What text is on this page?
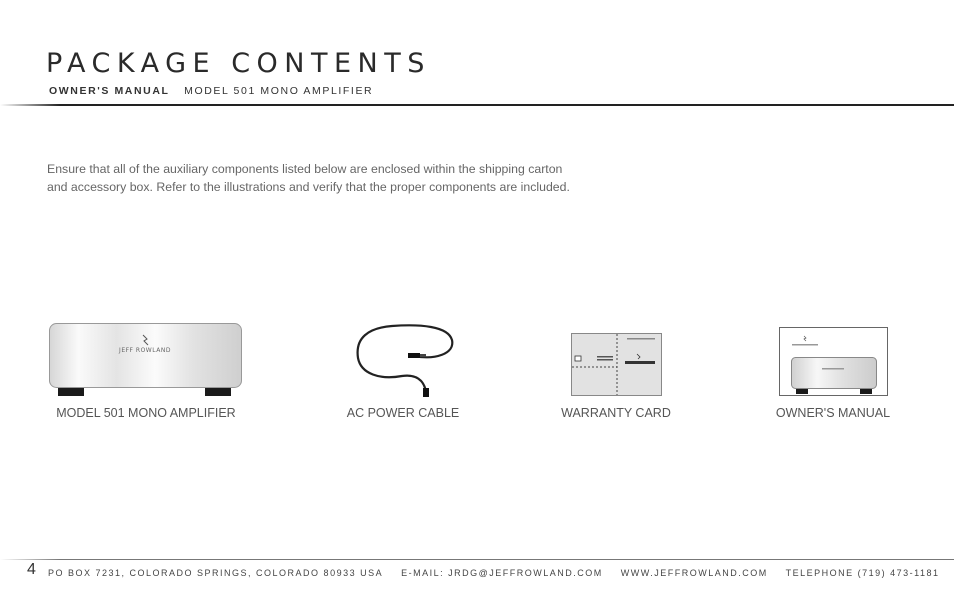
PACKAGE CONTENTS
OWNER'S MANUAL MODEL 501 MONO AMPLIFIER

Ensure that all of the auxiliary components listed below are enclosed within the shipping carton

and accessory box. Refer to the illustrations and verify that the proper components are included.

JEFF ROWLAND
MODEL 501 MONO AMPLIFIER	AC POWER CABLE	WARRANTY CARD	OWNER'S MANUAL
4 PO BOX 7231, COLORADO SPRINGS, COLORADO 80933 USA E-MAIL: JRDG@JEFFROWLAND.COM WWW.JEFFROWLAND.COM TELEPHONE (719) 473-1181
